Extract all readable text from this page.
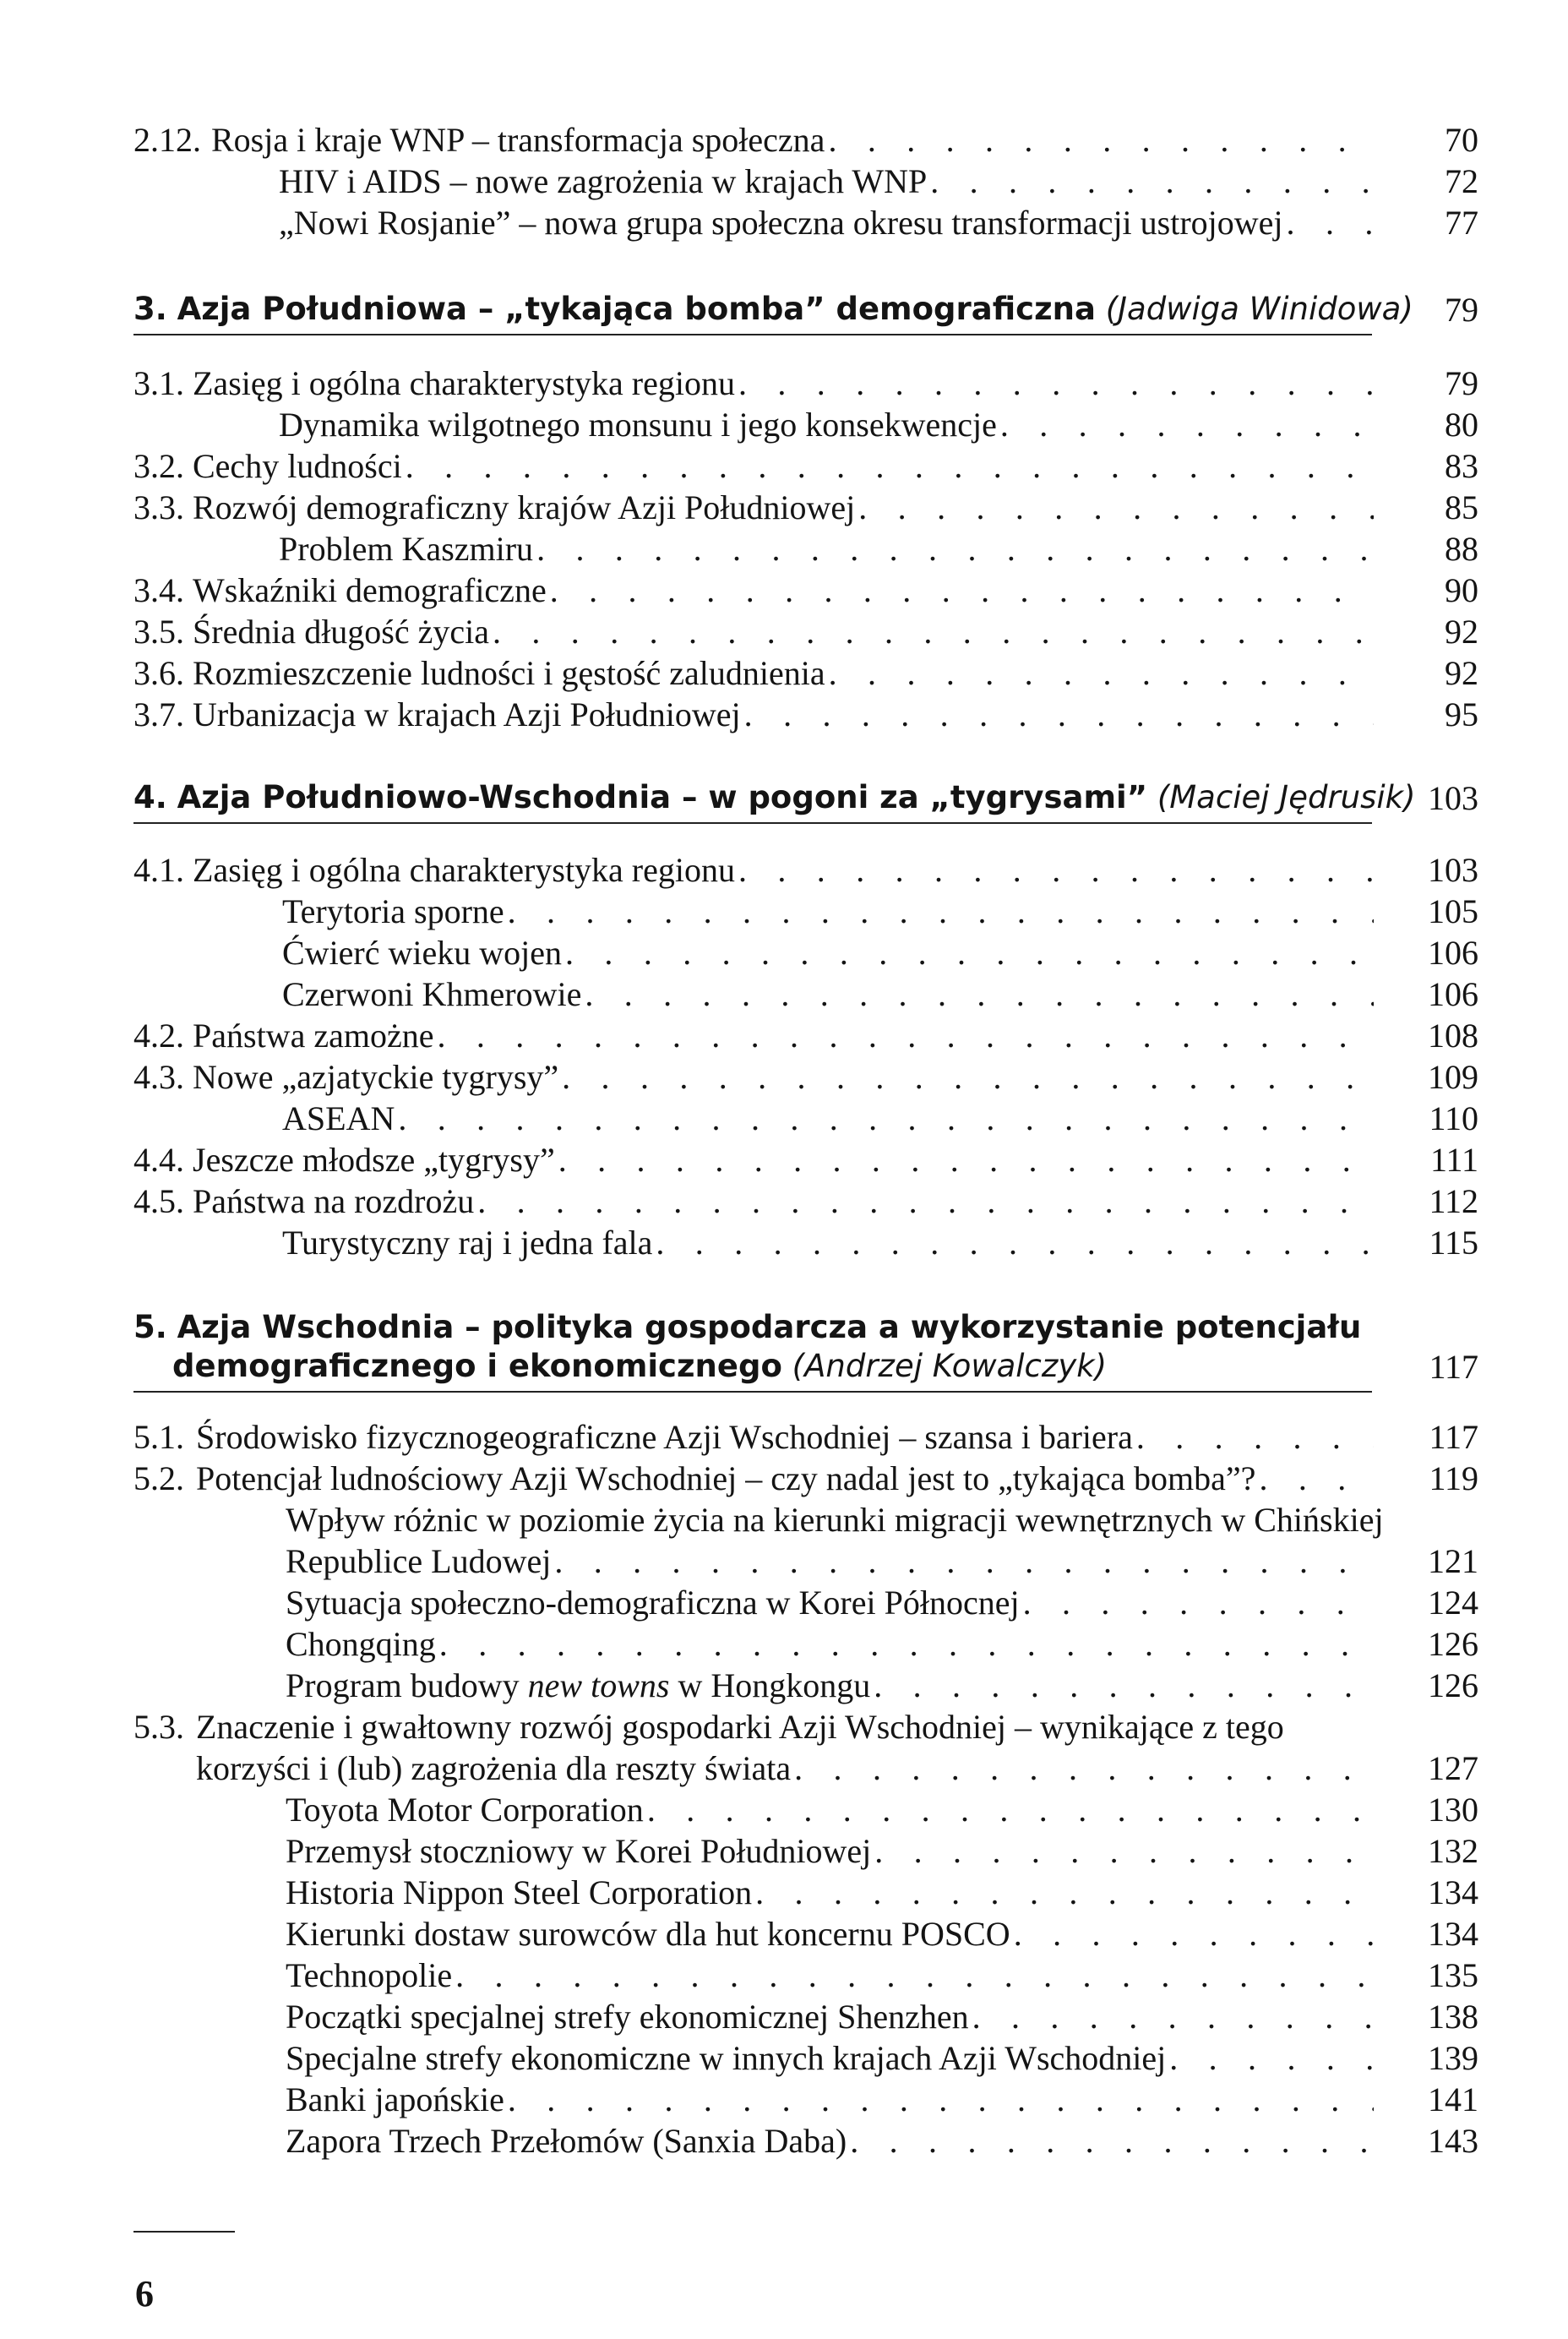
2.12. Rosja i kraje WNP – transformacja społeczna . . .	70
HIV i AIDS – nowe zagrożenia w krajach WNP . . .	72
„Nowi Rosjanie” – nowa grupa społeczna okresu transformacji ustrojowej . . .	77
3. Azja Południowa – „tykająca bomba” demograficzna (Jadwiga Winidowa) 79
3.1. Zasięg i ogólna charakterystyka regionu . . .	79
Dynamika wilgotnego monsunu i jego konsekwencje . . .	80
3.2. Cechy ludności . . .	83
3.3. Rozwój demograficzny krajów Azji Południowej . . .	85
Problem Kaszmiru . . .	88
3.4. Wskaźniki demograficzne . . .	90
3.5. Średnia długość życia . . .	92
3.6. Rozmieszczenie ludności i gęstość zaludnienia . . .	92
3.7. Urbanizacja w krajach Azji Południowej . . .	95
4. Azja Południowo-Wschodnia – w pogoni za „tygrysami” (Maciej Jędrusik) 103
4.1. Zasięg i ogólna charakterystyka regionu . . .	103
Terytoria sporne . . .	105
Ćwierć wieku wojen . . .	106
Czerwoni Khmerowie . . .	106
4.2. Państwa zamożne . . .	108
4.3. Nowe „azjatyckie tygrysy” . . .	109
ASEAN . . .	110
4.4. Jeszcze młodsze „tygrysy” . . .	111
4.5. Państwa na rozdrożu . . .	112
Turystyczny raj i jedna fala . . .	115
5. Azja Wschodnia – polityka gospodarcza a wykorzystanie potencjału
demograficznego i ekonomicznego (Andrzej Kowalczyk)	117
5.1. Środowisko fizycznogeograficzne Azji Wschodniej – szansa i bariera . . .	117
5.2. Potencjał ludnościowy Azji Wschodniej – czy nadal jest to „tykająca bomba”? . . .	119
Wpływ różnic w poziomie życia na kierunki migracji wewnętrznych w Chińskiej
Republice Ludowej . . .	121
Sytuacja społeczno-demograficzna w Korei Północnej . . .	124
Chongqing . . .	126
Program budowy
new towns
w Hongkongu . . .	126
5.3. Znaczenie i gwałtowny rozwój gospodarki Azji Wschodniej – wynikające z tego
korzyści i (lub) zagrożenia dla reszty świata . . .	127
Toyota Motor Corporation . . .	130
Przemysł stoczniowy w Korei Południowej . . .	132
Historia Nippon Steel Corporation . . .	134
Kierunki dostaw surowców dla hut koncernu POSCO . . .	134
Technopolie . . .	135
Początki specjalnej strefy ekonomicznej Shenzhen . . .	138
Specjalne strefy ekonomiczne w innych krajach Azji Wschodniej . . .	139
Banki japońskie . . .	141
Zapora Trzech Przełomów (Sanxia Daba) . . .	143
6
